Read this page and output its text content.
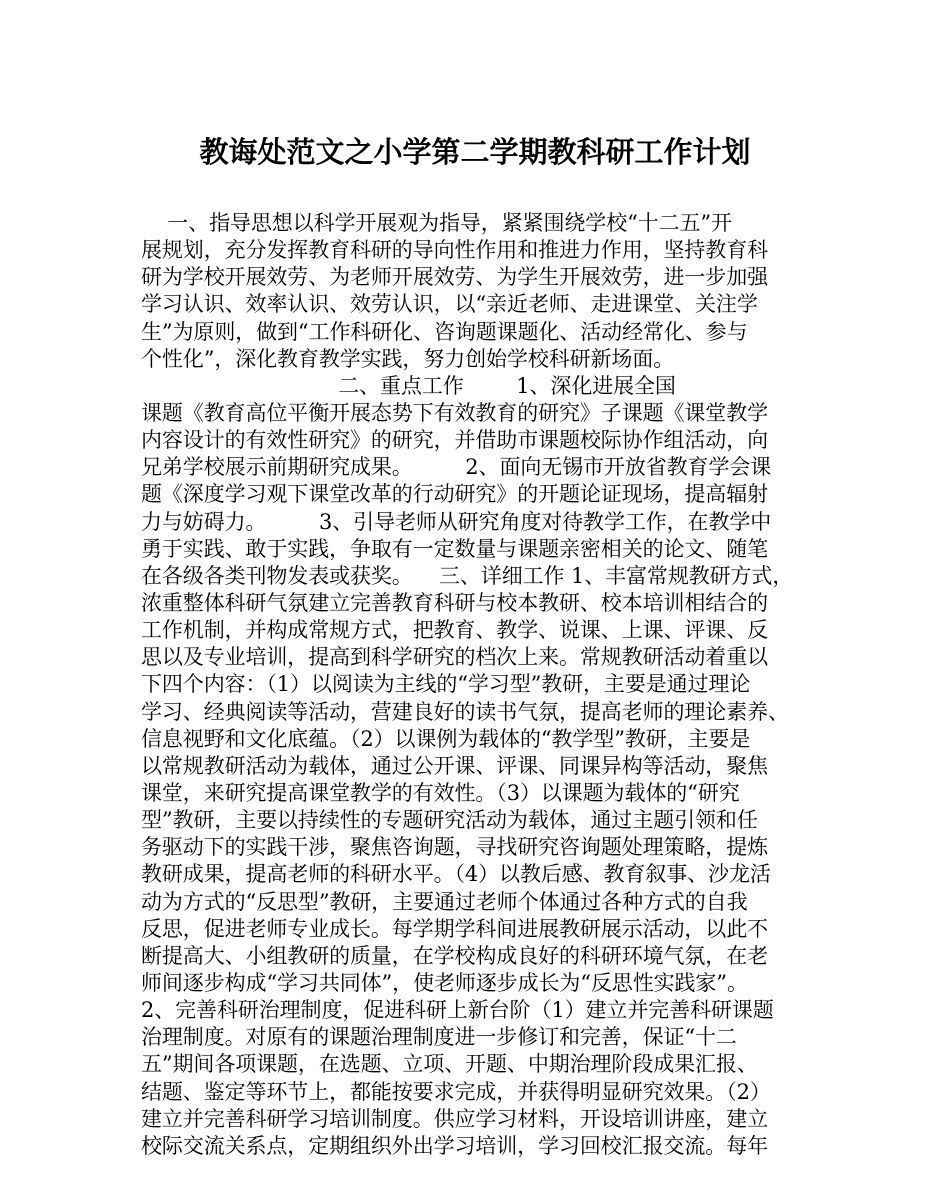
教诲处范文之小学第二学期教科研工作计划
一、指导思想以科学开展观为指导，紧紧围绕学校“十二五”开
展规划，充分发挥教育科研的导向性作用和推进力作用，坚持教育科
研为学校开展效劳、为老师开展效劳、为学生开展效劳，进一步加强
学习认识、效率认识、效劳认识，以“亲近老师、走进课堂、关注学
生”为原则，做到“工作科研化、咨询题课题化、活动经常化、参与
个性化”，深化教育教学实践，努力创始学校科研新场面。
二、重点工作        1、深化进展全国
课题《教育高位平衡开展态势下有效教育的研究》子课题《课堂教学
内容设计的有效性研究》的研究，并借助市课题校际协作组活动，向
兄弟学校展示前期研究成果。        2、面向无锡市开放省教育学会课
题《深度学习观下课堂改革的行动研究》的开题论证现场，提高辐射
力与妨碍力。        3、引导老师从研究角度对待教学工作，在教学中
勇于实践、敢于实践，争取有一定数量与课题亲密相关的论文、随笔
在各级各类刊物发表或获奖。    三、详细工作 1、丰富常规教研方式，
浓重整体科研气氛建立完善教育科研与校本教研、校本培训相结合的
工作机制，并构成常规方式，把教育、教学、说课、上课、评课、反
思以及专业培训，提高到科学研究的档次上来。常规教研活动着重以
下四个内容：（1）以阅读为主线的“学习型”教研，主要是通过理论
学习、经典阅读等活动，营建良好的读书气氛，提高老师的理论素养、
信息视野和文化底蕴。（2）以课例为载体的“教学型”教研，主要是
以常规教研活动为载体，通过公开课、评课、同课异构等活动，聚焦
课堂，来研究提高课堂教学的有效性。（3）以课题为载体的“研究
型”教研，主要以持续性的专题研究活动为载体，通过主题引领和任
务驱动下的实践干涉，聚焦咨询题，寻找研究咨询题处理策略，提炼
教研成果，提高老师的科研水平。（4）以教后感、教育叙事、沙龙活
动为方式的“反思型”教研，主要通过老师个体通过各种方式的自我
反思，促进老师专业成长。每学期学科间进展教研展示活动，以此不
断提高大、小组教研的质量，在学校构成良好的科研环境气氛，在老
师间逐步构成“学习共同体”，使老师逐步成长为“反思性实践家”。
2、完善科研治理制度，促进科研上新台阶（1）建立并完善科研课题
治理制度。对原有的课题治理制度进一步修订和完善，保证“十二
五”期间各项课题，在选题、立项、开题、中期治理阶段成果汇报、
结题、鉴定等环节上，都能按要求完成，并获得明显研究效果。（2）
建立并完善科研学习培训制度。供应学习材料，开设培训讲座，建立
校际交流关系点，定期组织外出学习培训，学习回校汇报交流。每年
